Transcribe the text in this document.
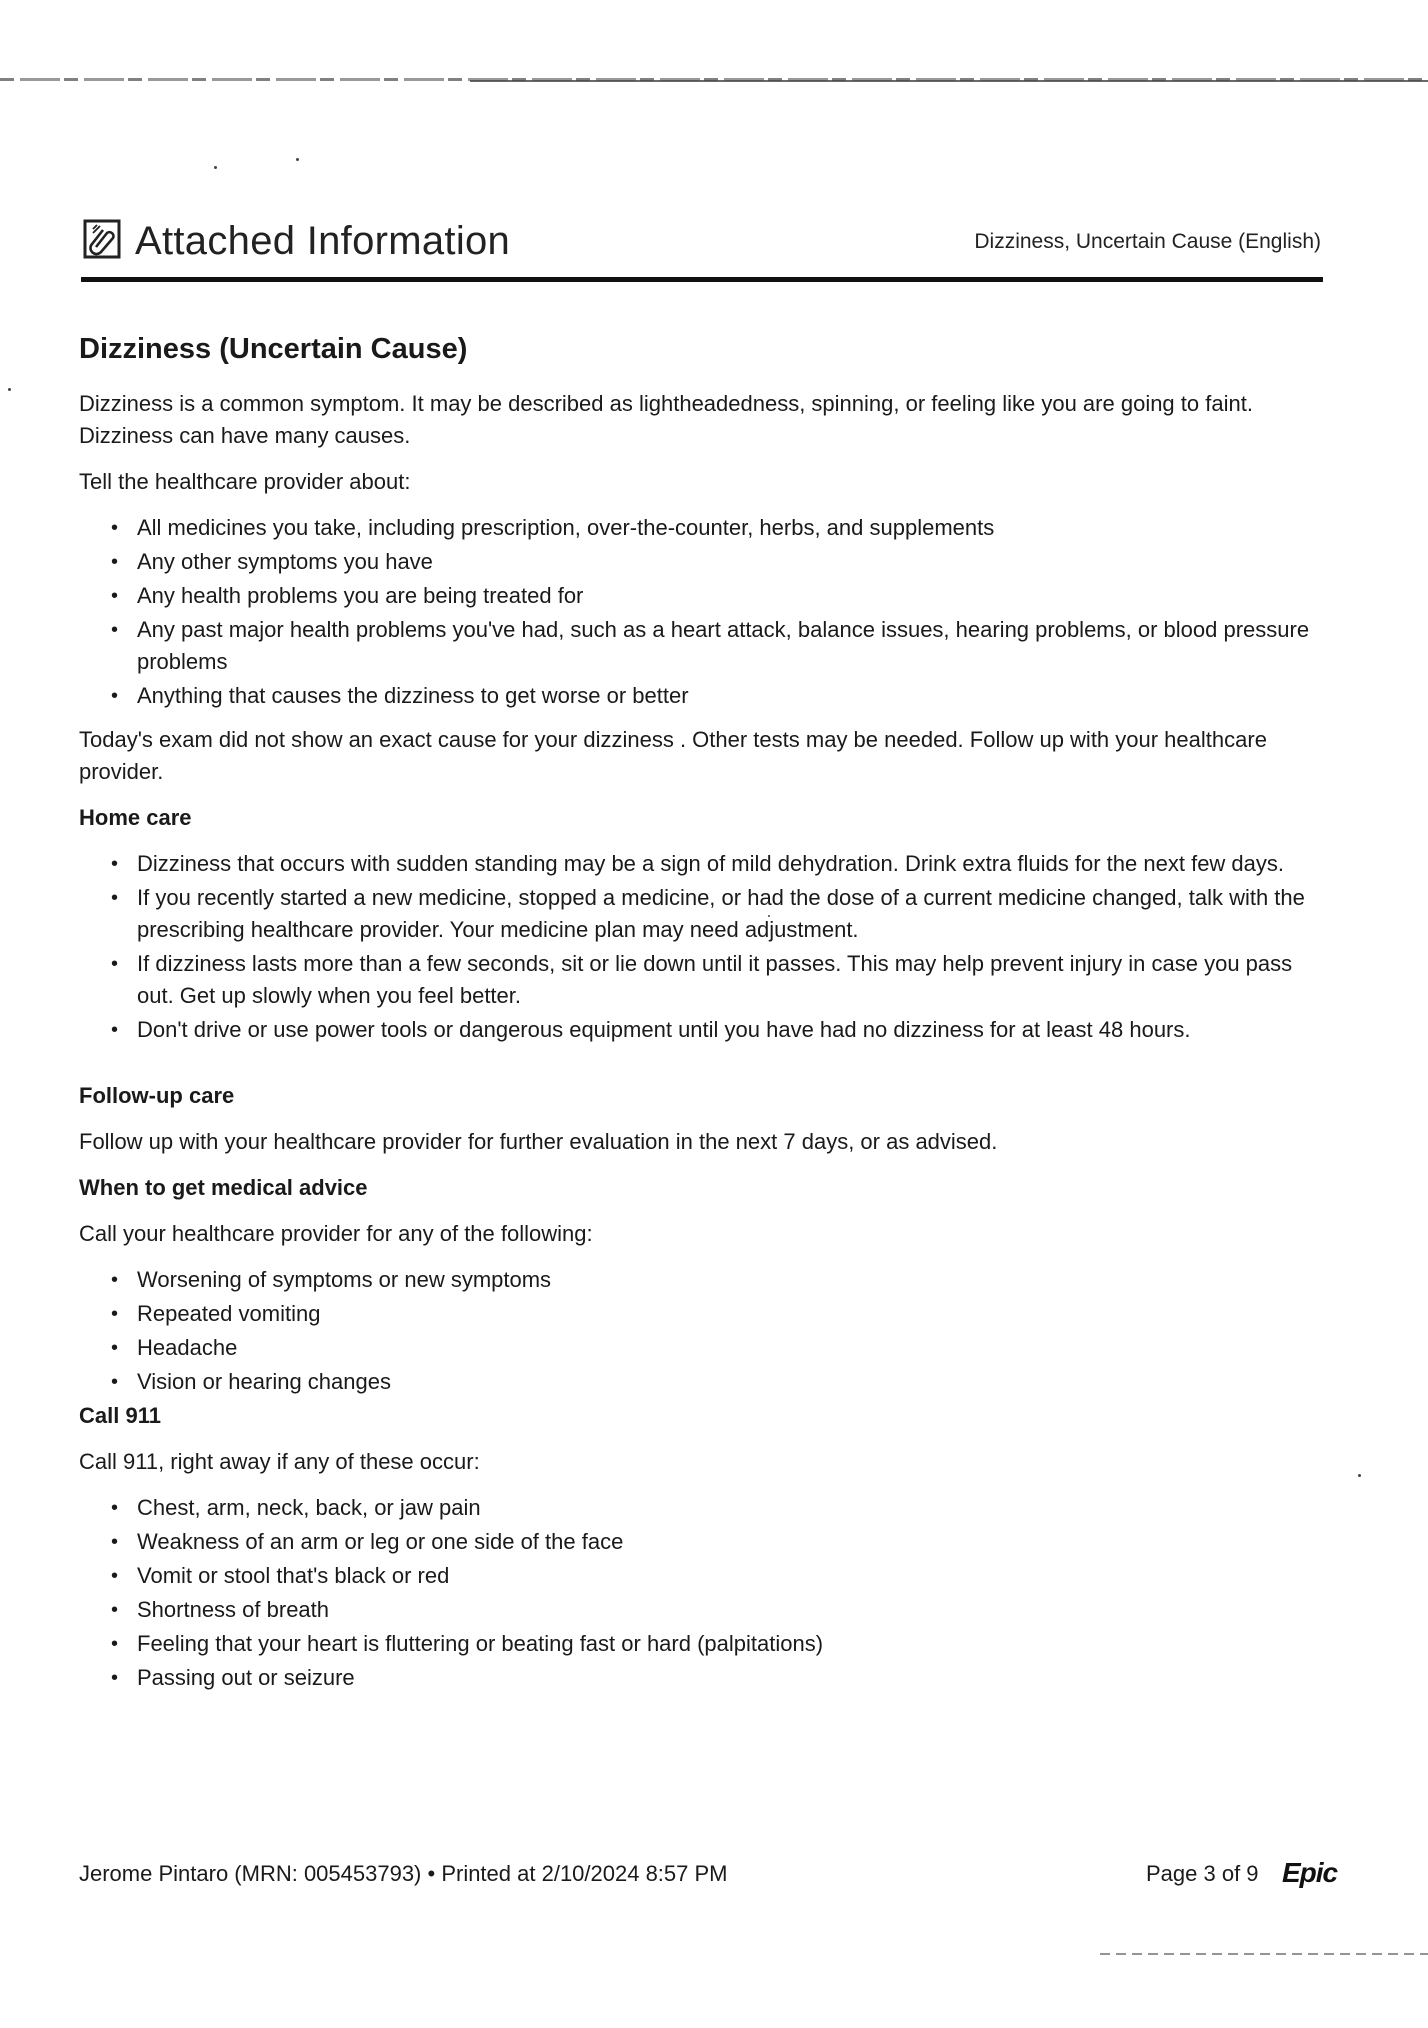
Attached Information	Dizziness, Uncertain Cause (English)
Dizziness (Uncertain Cause)

Dizziness is a common symptom. It may be described as lightheadedness, spinning, or feeling like you are going to faint. Dizziness can have many causes.

Tell the healthcare provider about:

• All medicines you take, including prescription, over-the-counter, herbs, and supplements
• Any other symptoms you have
• Any health problems you are being treated for
• Any past major health problems you've had, such as a heart attack, balance issues, hearing problems, or blood pressure problems
• Anything that causes the dizziness to get worse or better

Today's exam did not show an exact cause for your dizziness . Other tests may be needed. Follow up with your healthcare provider.

Home care
• Dizziness that occurs with sudden standing may be a sign of mild dehydration. Drink extra fluids for the next few days.
• If you recently started a new medicine, stopped a medicine, or had the dose of a current medicine changed, talk with the prescribing healthcare provider. Your medicine plan may need adjustment.
• If dizziness lasts more than a few seconds, sit or lie down until it passes. This may help prevent injury in case you pass out. Get up slowly when you feel better.
• Don't drive or use power tools or dangerous equipment until you have had no dizziness for at least 48 hours.
Follow-up care

Follow up with your healthcare provider for further evaluation in the next 7 days, or as advised.

When to get medical advice

Call your healthcare provider for any of the following:

• Worsening of symptoms or new symptoms
• Repeated vomiting
• Headache
• Vision or hearing changes
Call 911

Call 911, right away if any of these occur:

• Chest, arm, neck, back, or jaw pain
• Weakness of an arm or leg or one side of the face
• Vomit or stool that's black or red
• Shortness of breath
• Feeling that your heart is fluttering or beating fast or hard (palpitations)
• Passing out or seizure
Jerome Pintaro (MRN: 005453793) • Printed at 2/10/2024 8:57 PM	Page 3 of 9 Epic
